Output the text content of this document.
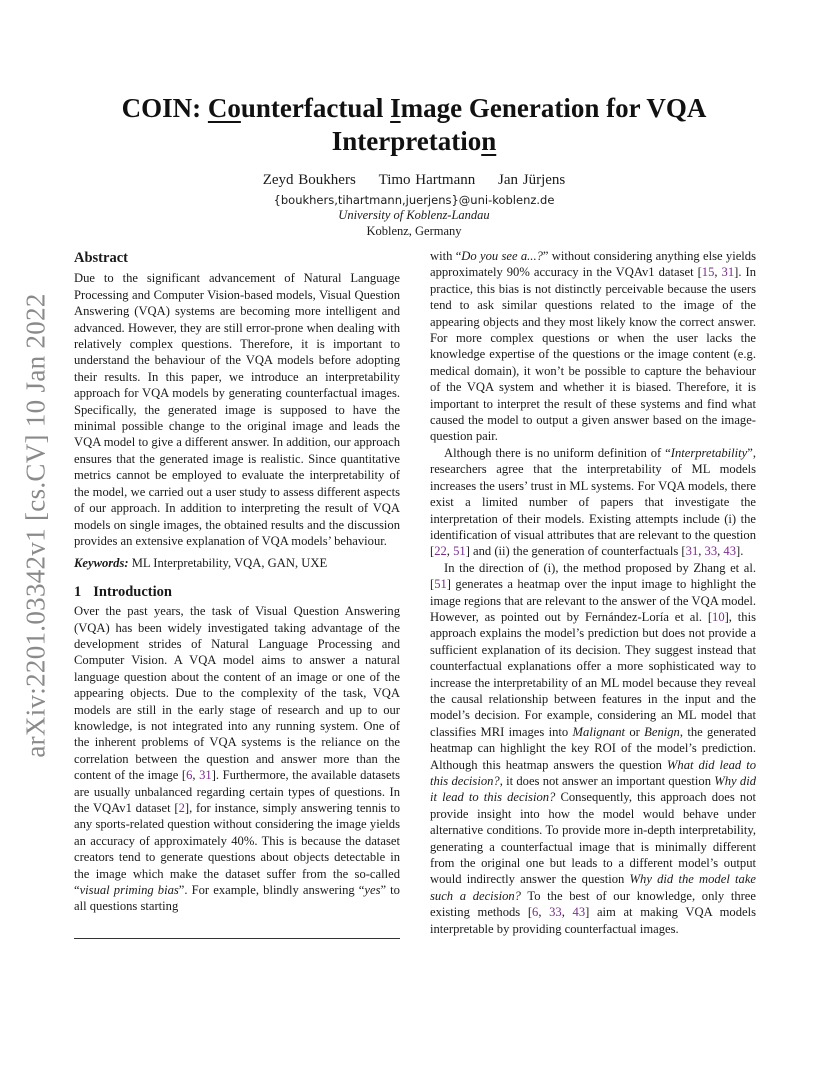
arXiv:2201.03342v1 [cs.CV] 10 Jan 2022
COIN: Counterfactual Image Generation for VQA
Interpretation
Zeyd Boukhers Timo Hartmann Jan Jürjens
{boukhers,tihartmann,juerjens}@uni-koblenz.de
University of Koblenz-Landau
Koblenz, Germany
Abstract

Due to the significant advancement of Natural Language Processing and Computer Vision-based models, Visual Question Answering (VQA) systems are becoming more intelligent and advanced. However, they are still error-prone when dealing with relatively complex questions. Therefore, it is important to understand the behaviour of the VQA models before adopting their results. In this paper, we introduce an interpretability approach for VQA models by generating counterfactual images. Specifically, the generated image is supposed to have the minimal possible change to the original image and leads the VQA model to give a different answer. In addition, our approach ensures that the generated image is realistic. Since quantitative metrics cannot be employed to evaluate the interpretability of the model, we carried out a user study to assess different aspects of our approach. In addition to interpreting the result of VQA models on single images, the obtained results and the discussion provides an extensive explanation of VQA models’ behaviour.

Keywords: ML Interpretability, VQA, GAN, UXE

1 Introduction

Over the past years, the task of Visual Question Answering (VQA) has been widely investigated taking advantage of the development strides of Natural Language Processing and Computer Vision. A VQA model aims to answer a natural language question about the content of an image or one of the appearing objects. Due to the complexity of the task, VQA models are still in the early stage of research and up to our knowledge, is not integrated into any running system. One of the inherent problems of VQA systems is the reliance on the correlation between the question and answer more than the content of the image [6, 31]. Furthermore, the available datasets are usually unbalanced regarding certain types of questions. In the VQAv1 dataset [2], for instance, simply answering tennis to any sports-related question without considering the image yields an accuracy of approximately 40%. This is because the dataset creators tend to generate questions about objects detectable in the image which make the dataset suffer from the so-called “visual priming bias”. For example, blindly answering “yes” to all questions starting

with “Do you see a...?” without considering anything else yields approximately 90% accuracy in the VQAv1 dataset [15, 31]. In practice, this bias is not distinctly perceivable because the users tend to ask similar questions related to the image of the appearing objects and they most likely know the correct answer. For more complex questions or when the user lacks the knowledge expertise of the questions or the image content (e.g. medical domain), it won’t be possible to capture the behaviour of the VQA system and whether it is biased. Therefore, it is important to interpret the result of these systems and find what caused the model to output a given answer based on the image-question pair.

Although there is no uniform definition of “Interpretability”, researchers agree that the interpretability of ML models increases the users’ trust in ML systems. For VQA models, there exist a limited number of papers that investigate the interpretation of their models. Existing attempts include (i) the identification of visual attributes that are relevant to the question [22, 51] and (ii) the generation of counterfactuals [31, 33, 43].

In the direction of (i), the method proposed by Zhang et al. [51] generates a heatmap over the input image to highlight the image regions that are relevant to the answer of the VQA model. However, as pointed out by Fernández-Loría et al. [10], this approach explains the model’s prediction but does not provide a sufficient explanation of its decision. They suggest instead that counterfactual explanations offer a more sophisticated way to increase the interpretability of an ML model because they reveal the causal relationship between features in the input and the model’s decision. For example, considering an ML model that classifies MRI images into Malignant or Benign, the generated heatmap can highlight the key ROI of the model’s prediction. Although this heatmap answers the question What did lead to this decision?, it does not answer an important question Why did it lead to this decision? Consequently, this approach does not provide insight into how the model would behave under alternative conditions. To provide more in-depth interpretability, generating a counterfactual image that is minimally different from the original one but leads to a different model’s output would indirectly answer the question Why did the model take such a decision? To the best of our knowledge, only three existing methods [6, 33, 43] aim at making VQA models interpretable by providing counterfactual images.
